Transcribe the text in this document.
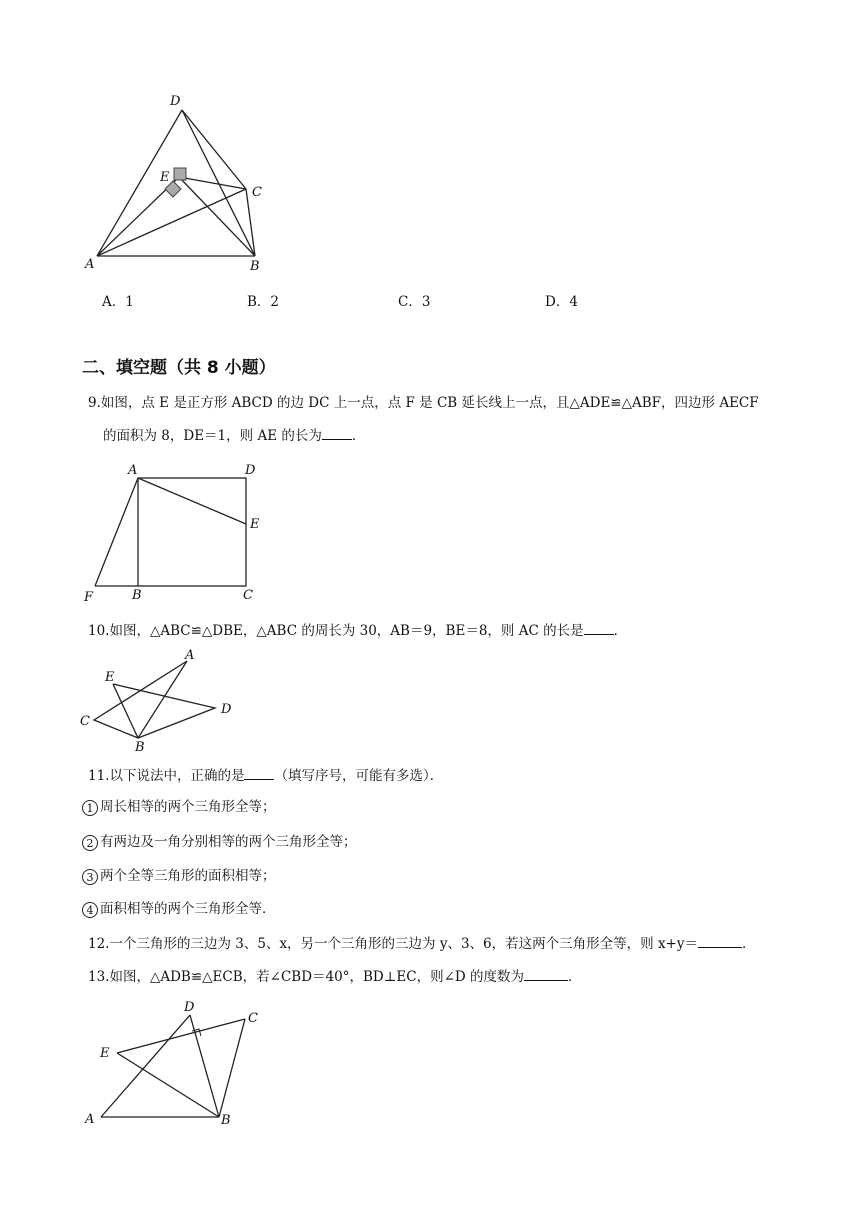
D
E
C
A	B
A．1	B．2	C．3	D．4
二、填空题（共 8 小题）
9.如图，点 E 是正方形 ABCD 的边 DC 上一点，点 F 是 CB 延长线上一点，且△ADE≌△ABF，四边形 AECF
的面积为 8，DE＝1，则 AE 的长为 ．
A	D
E
F	B	C
10.如图，△ABC≌△DBE，△ABC 的周长为 30，AB＝9，BE＝8，则 AC 的长是 ．
A
E
C
D
B
11.以下说法中，正确的是 （填写序号，可能有多选）．
1 周长相等的两个三角形全等；
2 有两边及一角分别相等的两个三角形全等；
3 两个全等三角形的面积相等；
4 面积相等的两个三角形全等．
12.一个三角形的三边为 3、5、x，另一个三角形的三边为 y、3、6，若这两个三角形全等，则 x+y＝	．
13.如图，△ADB≌△ECB，若∠CBD＝40°，BD⊥EC，则∠D 的度数为	．
D
C
E
A	B
